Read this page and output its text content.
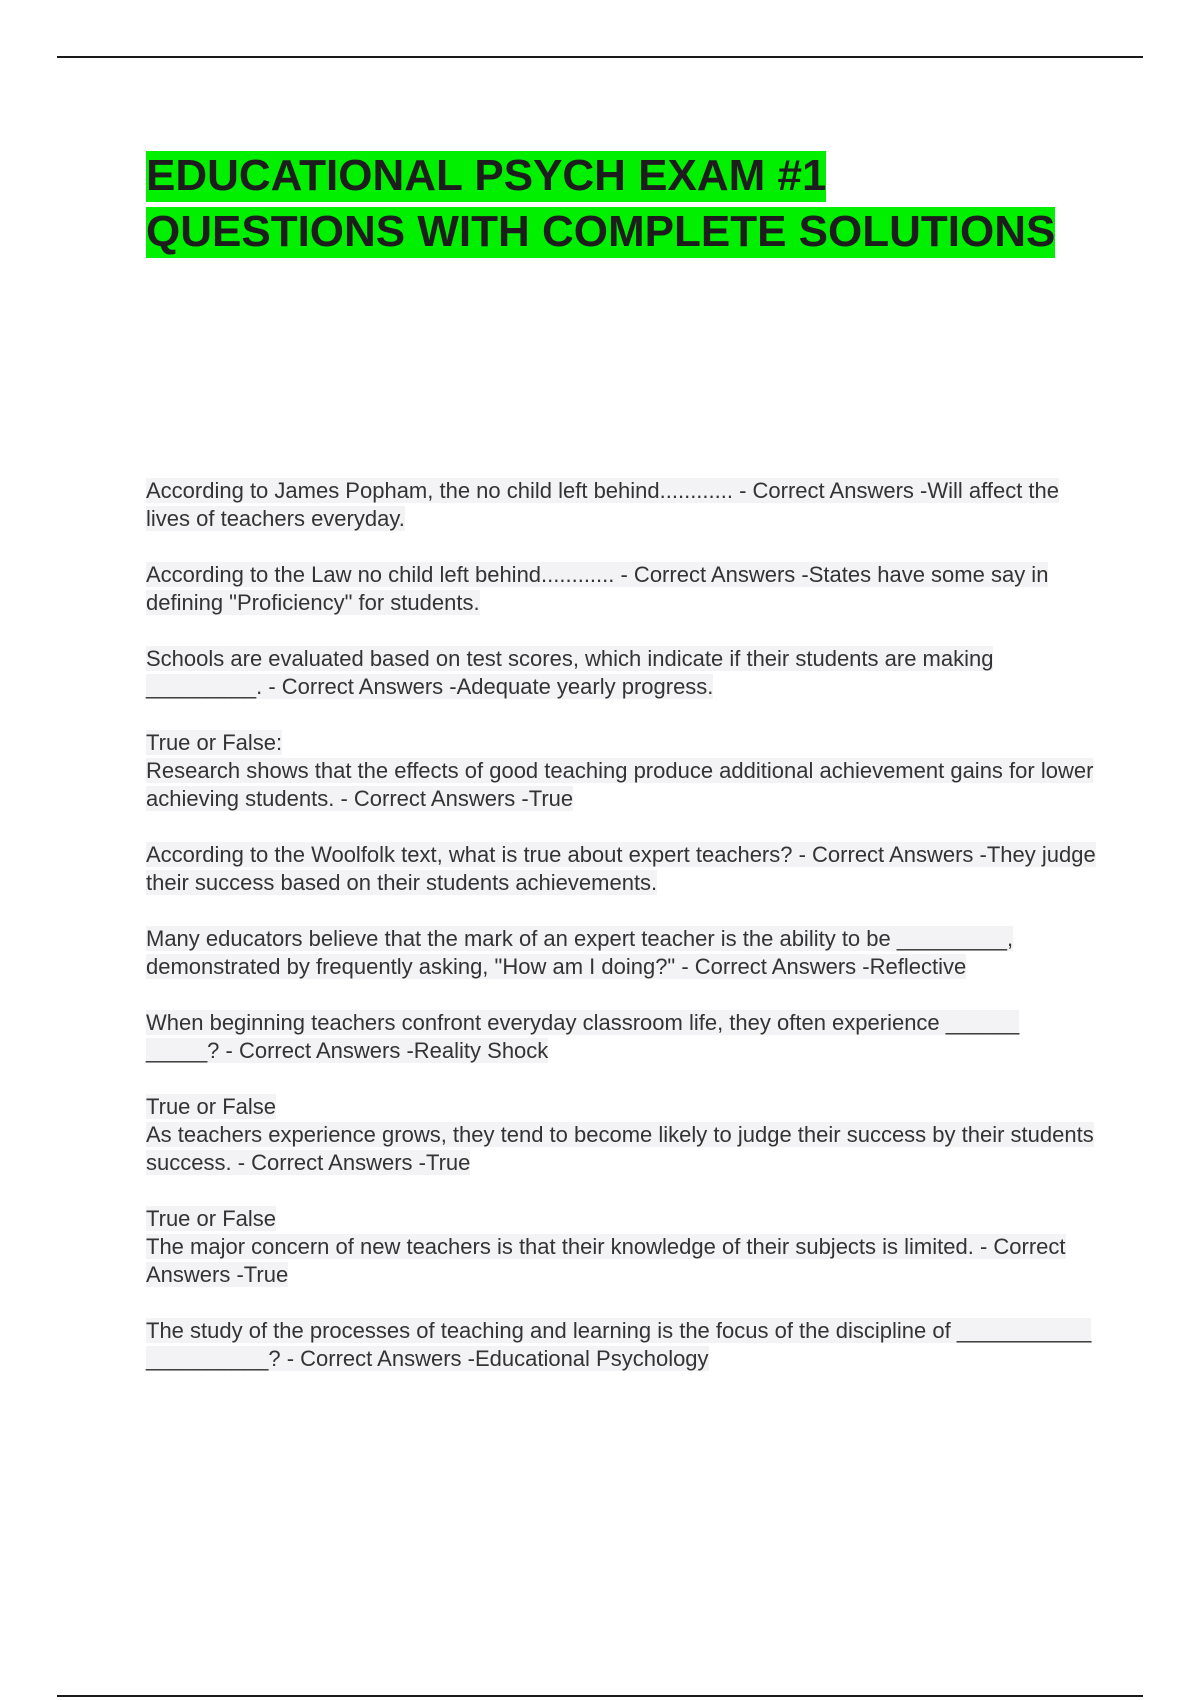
EDUCATIONAL PSYCH EXAM #1 QUESTIONS WITH COMPLETE SOLUTIONS
According to James Popham, the no child left behind............ - Correct Answers -Will affect the lives of teachers everyday.
According to the Law no child left behind............ - Correct Answers -States have some say in defining "Proficiency" for students.
Schools are evaluated based on test scores, which indicate if their students are making _________. - Correct Answers -Adequate yearly progress.
True or False:
Research shows that the effects of good teaching produce additional achievement gains for lower achieving students. - Correct Answers -True
According to the Woolfolk text, what is true about expert teachers? - Correct Answers -They judge their success based on their students achievements.
Many educators believe that the mark of an expert teacher is the ability to be _________, demonstrated by frequently asking, "How am I doing?" - Correct Answers -Reflective
When beginning teachers confront everyday classroom life, they often experience ______ _____? - Correct Answers -Reality Shock
True or False
As teachers experience grows, they tend to become likely to judge their success by their students success. - Correct Answers -True
True or False
The major concern of new teachers is that their knowledge of their subjects is limited. - Correct Answers -True
The study of the processes of teaching and learning is the focus of the discipline of ___________ __________? - Correct Answers -Educational Psychology
